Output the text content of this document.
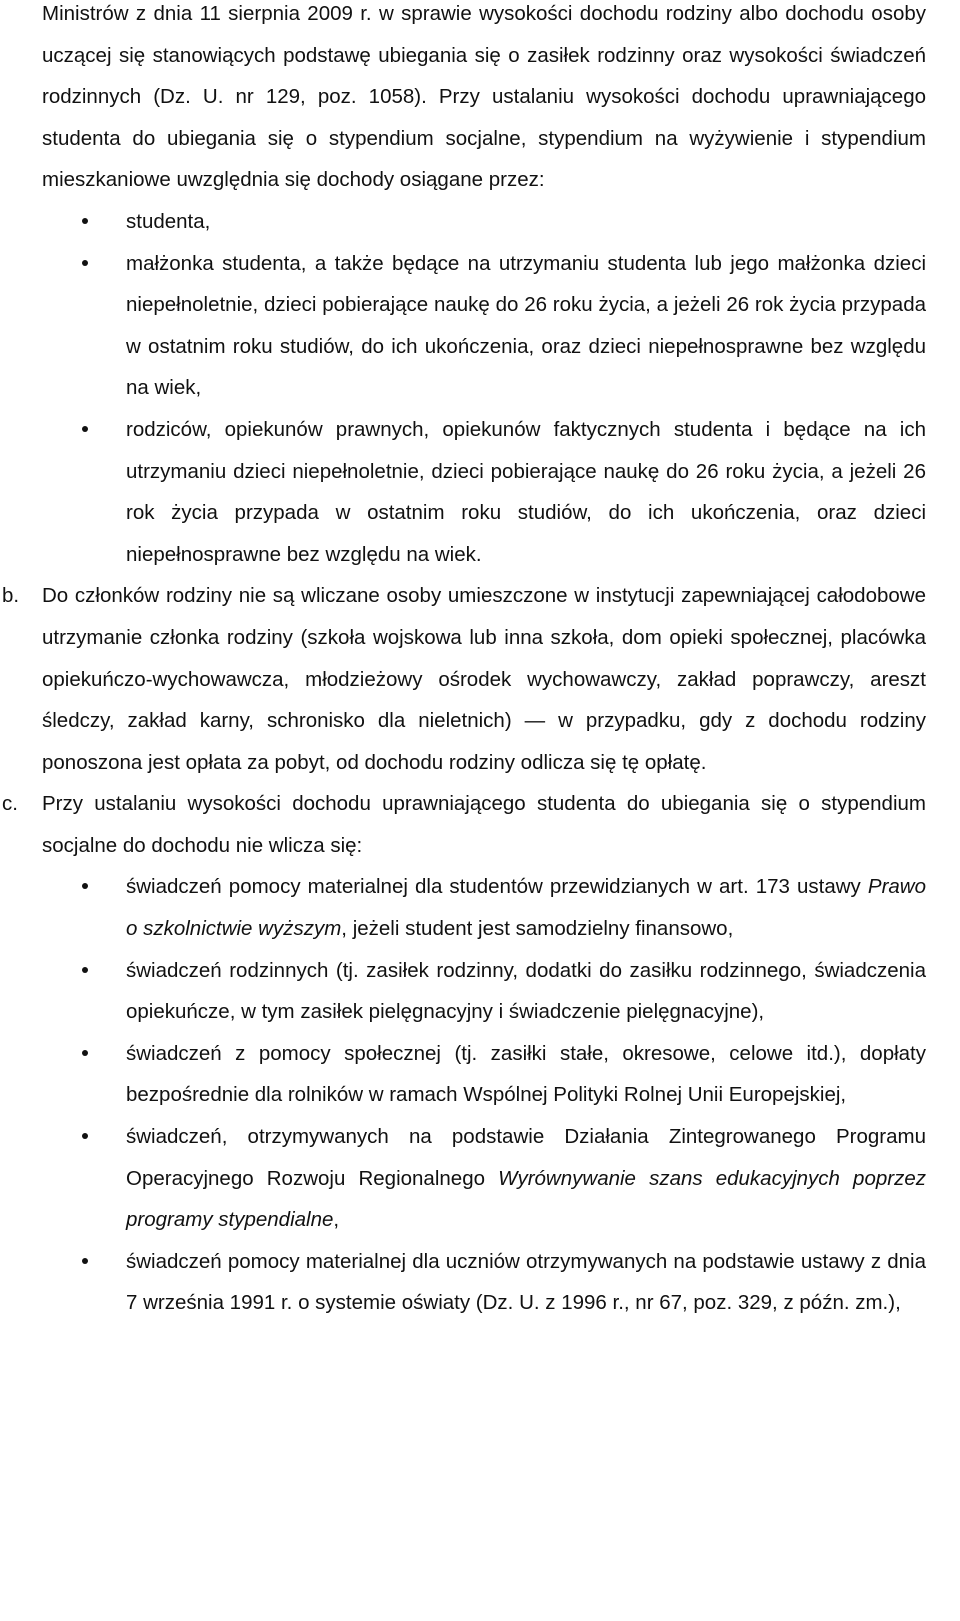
Ministrów z dnia 11 sierpnia 2009 r. w sprawie wysokości dochodu rodziny albo dochodu osoby uczącej się stanowiących podstawę ubiegania się o zasiłek rodzinny oraz wysokości świadczeń rodzinnych (Dz. U. nr 129, poz. 1058). Przy ustalaniu wysokości dochodu uprawniającego studenta do ubiegania się o stypendium socjalne, stypendium na wyżywienie i stypendium mieszkaniowe uwzględnia się dochody osiągane przez:

studenta,
małżonka studenta, a także będące na utrzymaniu studenta lub jego małżonka dzieci niepełnoletnie, dzieci pobierające naukę do 26 roku życia, a jeżeli 26 rok życia przypada w ostatnim roku studiów, do ich ukończenia, oraz dzieci niepełnosprawne bez względu na wiek,
rodziców, opiekunów prawnych, opiekunów faktycznych studenta i będące na ich utrzymaniu dzieci niepełnoletnie, dzieci pobierające naukę do 26 roku życia, a jeżeli 26 rok życia przypada w ostatnim roku studiów, do ich ukończenia, oraz dzieci niepełnosprawne bez względu na wiek.

b. Do członków rodziny nie są wliczane osoby umieszczone w instytucji zapewniającej całodobowe utrzymanie członka rodziny (szkoła wojskowa lub inna szkoła, dom opieki społecznej, placówka opiekuńczo-wychowawcza, młodzieżowy ośrodek wychowawczy, zakład poprawczy, areszt śledczy, zakład karny, schronisko dla nieletnich) — w przypadku, gdy z dochodu rodziny ponoszona jest opłata za pobyt, od dochodu rodziny odlicza się tę opłatę.

c. Przy ustalaniu wysokości dochodu uprawniającego studenta do ubiegania się o stypendium socjalne do dochodu nie wlicza się:

świadczeń pomocy materialnej dla studentów przewidzianych w art. 173 ustawy Prawo o szkolnictwie wyższym, jeżeli student jest samodzielny finansowo,
świadczeń rodzinnych (tj. zasiłek rodzinny, dodatki do zasiłku rodzinnego, świadczenia opiekuńcze, w tym zasiłek pielęgnacyjny i świadczenie pielęgnacyjne),
świadczeń z pomocy społecznej (tj. zasiłki stałe, okresowe, celowe itd.), dopłaty bezpośrednie dla rolników w ramach Wspólnej Polityki Rolnej Unii Europejskiej,
świadczeń, otrzymywanych na podstawie Działania Zintegrowanego Programu Operacyjnego Rozwoju Regionalnego Wyrównywanie szans edukacyjnych poprzez programy stypendialne,
świadczeń pomocy materialnej dla uczniów otrzymywanych na podstawie ustawy z dnia 7 września 1991 r. o systemie oświaty (Dz. U. z 1996 r., nr 67, poz. 329, z późn. zm.),
